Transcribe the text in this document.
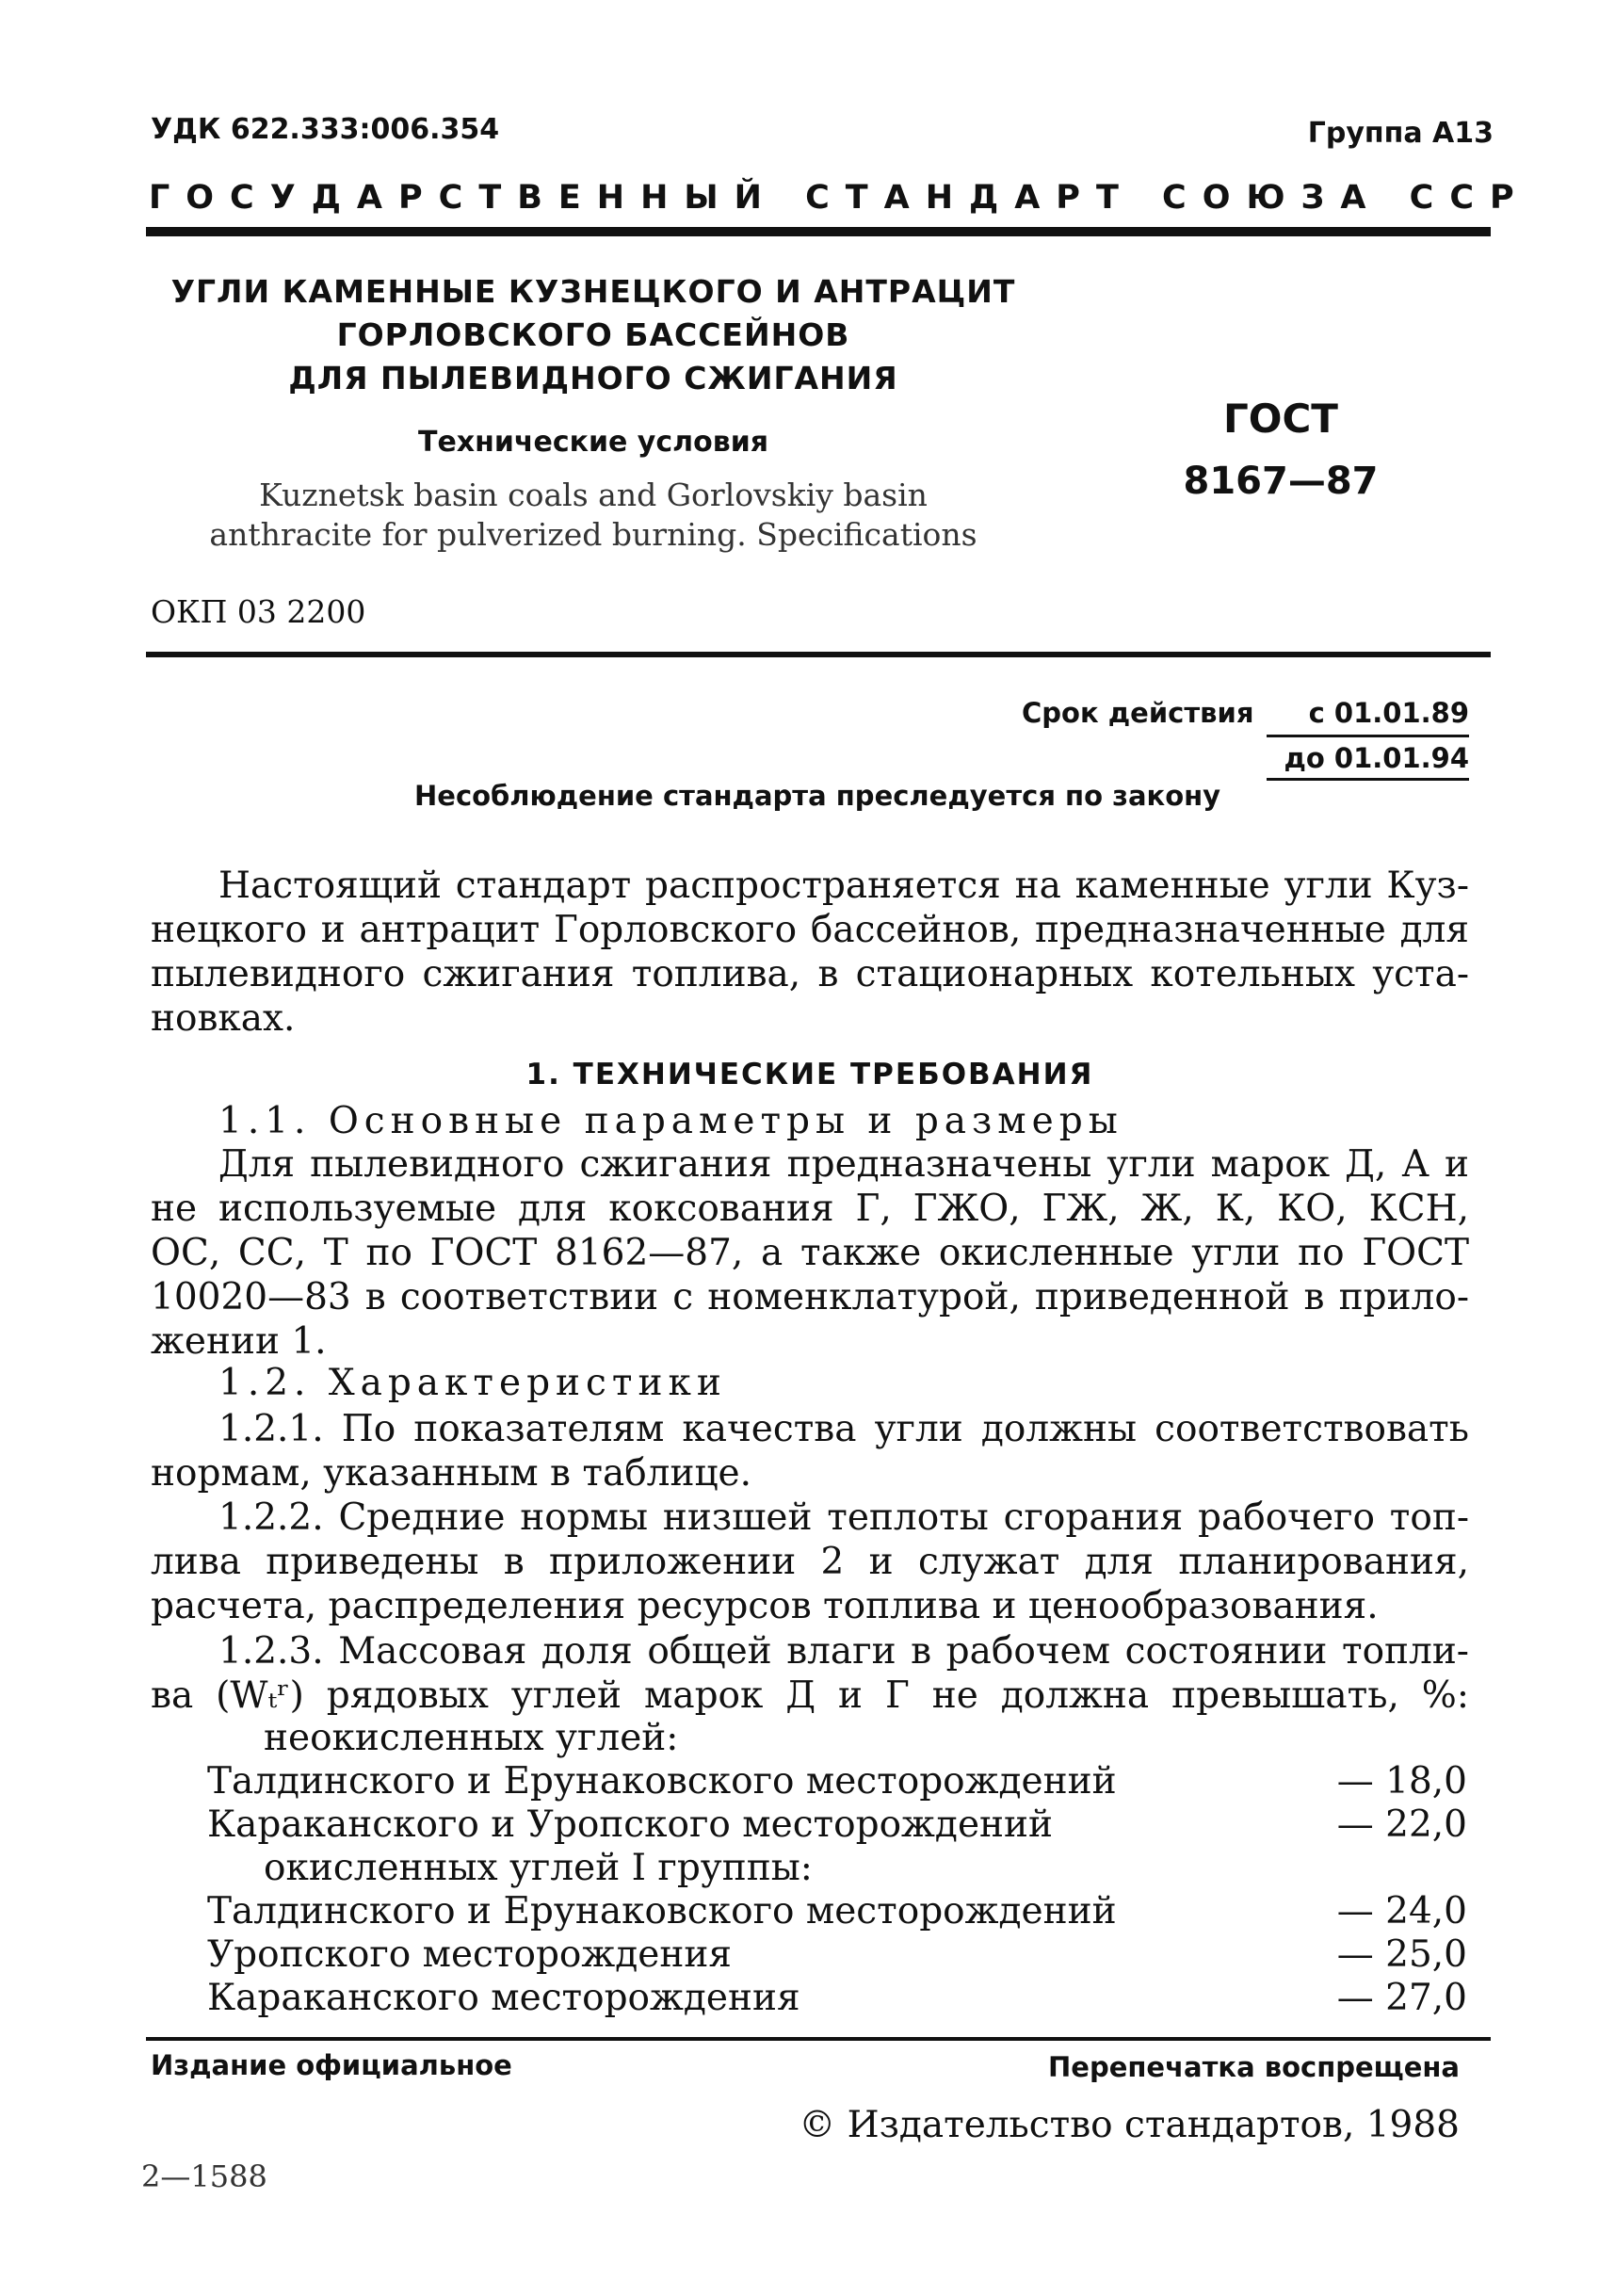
УДК 622.333:006.354	Группа А13
ГОСУДАРСТВЕННЫЙ СТАНДАРТ СОЮЗА ССР
УГЛИ КАМЕННЫЕ КУЗНЕЦКОГО И АНТРАЦИТ
ГОРЛОВСКОГО БАССЕЙНОВ
ДЛЯ ПЫЛЕВИДНОГО СЖИГАНИЯ
Технические условия
Kuznetsk basin coals and Gorlovskiy basin
anthracite for pulverized burning. Specifications
ГОСТ
8167—87
ОКП 03 2200
Срок действия	с 01.01.89
до 01.01.94
Несоблюдение стандарта преследуется по закону
Настоящий стандарт распространяется на каменные угли Куз-
нецкого и антрацит Горловского бассейнов, предназначенные для
пылевидного сжигания топлива, в стационарных котельных уста-
новках.
1. ТЕХНИЧЕСКИЕ ТРЕБОВАНИЯ
1.1. Основные параметры и размеры
Для пылевидного сжигания предназначены угли марок Д, А и
не используемые для коксования Г, ГЖО, ГЖ, Ж, К, КО, КСН,
ОС, СС, Т по ГОСТ 8162—87, а также окисленные угли по ГОСТ
10020—83 в соответствии с номенклатурой, приведенной в прило-
жении 1.
1.2. Характеристики
1.2.1. По показателям качества угли должны соответствовать
нормам, указанным в таблице.
1.2.2. Средние нормы низшей теплоты сгорания рабочего топ-
лива приведены в приложении 2 и служат для планирования,
расчета, распределения ресурсов топлива и ценообразования.
1.2.3. Массовая доля общей влаги в рабочем состоянии топли-
ва (Wₜʳ) рядовых углей марок Д и Г не должна превышать, %:
неокисленных углей:
Талдинского и Ерунаковского месторождений	— 18,0
Караканского и Уропского месторождений	— 22,0
окисленных углей I группы:
Талдинского и Ерунаковского месторождений	— 24,0
Уропского месторождения	— 25,0
Караканского месторождения	— 27,0
Издание официальное	Перепечатка воспрещена
© Издательство стандартов, 1988
2—1588
